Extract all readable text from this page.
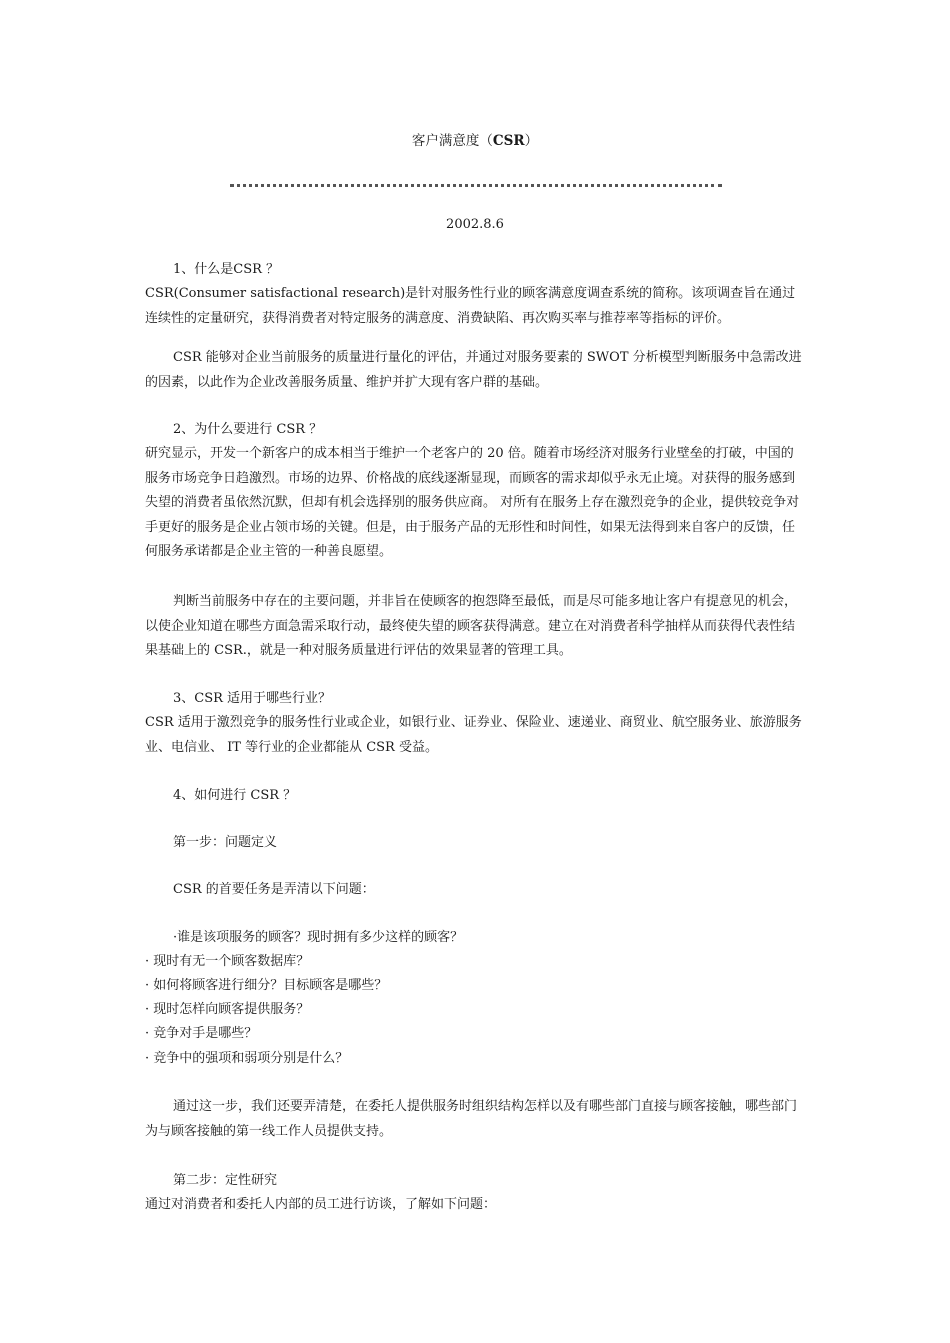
客户满意度（CSR）
2002.8.6

1、什么是CSR ？

CSR(Consumer satisfactional research)是针对服务性行业的顾客满意度调查系统的简称。该项调查旨在通过连续性的定量研究，获得消费者对特定服务的满意度、消费缺陷、再次购买率与推荐率等指标的评价。

CSR 能够对企业当前服务的质量进行量化的评估，并通过对服务要素的 SWOT 分析模型判断服务中急需改进的因素，以此作为企业改善服务质量、维护并扩大现有客户群的基础。

2、为什么要进行 CSR ？

研究显示，开发一个新客户的成本相当于维护一个老客户的 20 倍。随着市场经济对服务行业壁垒的打破，中国的服务市场竞争日趋激烈。市场的边界、价格战的底线逐渐显现，而顾客的需求却似乎永无止境。对获得的服务感到失望的消费者虽依然沉默，但却有机会选择别的服务供应商。 对所有在服务上存在激烈竞争的企业，提供较竞争对手更好的服务是企业占领市场的关键。但是，由于服务产品的无形性和时间性，如果无法得到来自客户的反馈，任何服务承诺都是企业主管的一种善良愿望。

判断当前服务中存在的主要问题，并非旨在使顾客的抱怨降至最低，而是尽可能多地让客户有提意见的机会，以使企业知道在哪些方面急需采取行动，最终使失望的顾客获得满意。建立在对消费者科学抽样从而获得代表性结果基础上的 CSR.，就是一种对服务质量进行评估的效果显著的管理工具。

3、CSR 适用于哪些行业？

CSR 适用于激烈竞争的服务性行业或企业，如银行业、证券业、保险业、速递业、商贸业、航空服务业、旅游服务业、电信业、 IT 等行业的企业都能从 CSR 受益。

4、如何进行 CSR ？

第一步：问题定义

CSR 的首要任务是弄清以下问题：

·谁是该项服务的顾客？现时拥有多少这样的顾客？
· 现时有无一个顾客数据库？
· 如何将顾客进行细分？目标顾客是哪些？
· 现时怎样向顾客提供服务？
· 竞争对手是哪些？
· 竞争中的强项和弱项分别是什么？

通过这一步，我们还要弄清楚，在委托人提供服务时组织结构怎样以及有哪些部门直接与顾客接触，哪些部门为与顾客接触的第一线工作人员提供支持。

第二步：定性研究

通过对消费者和委托人内部的员工进行访谈，了解如下问题：
